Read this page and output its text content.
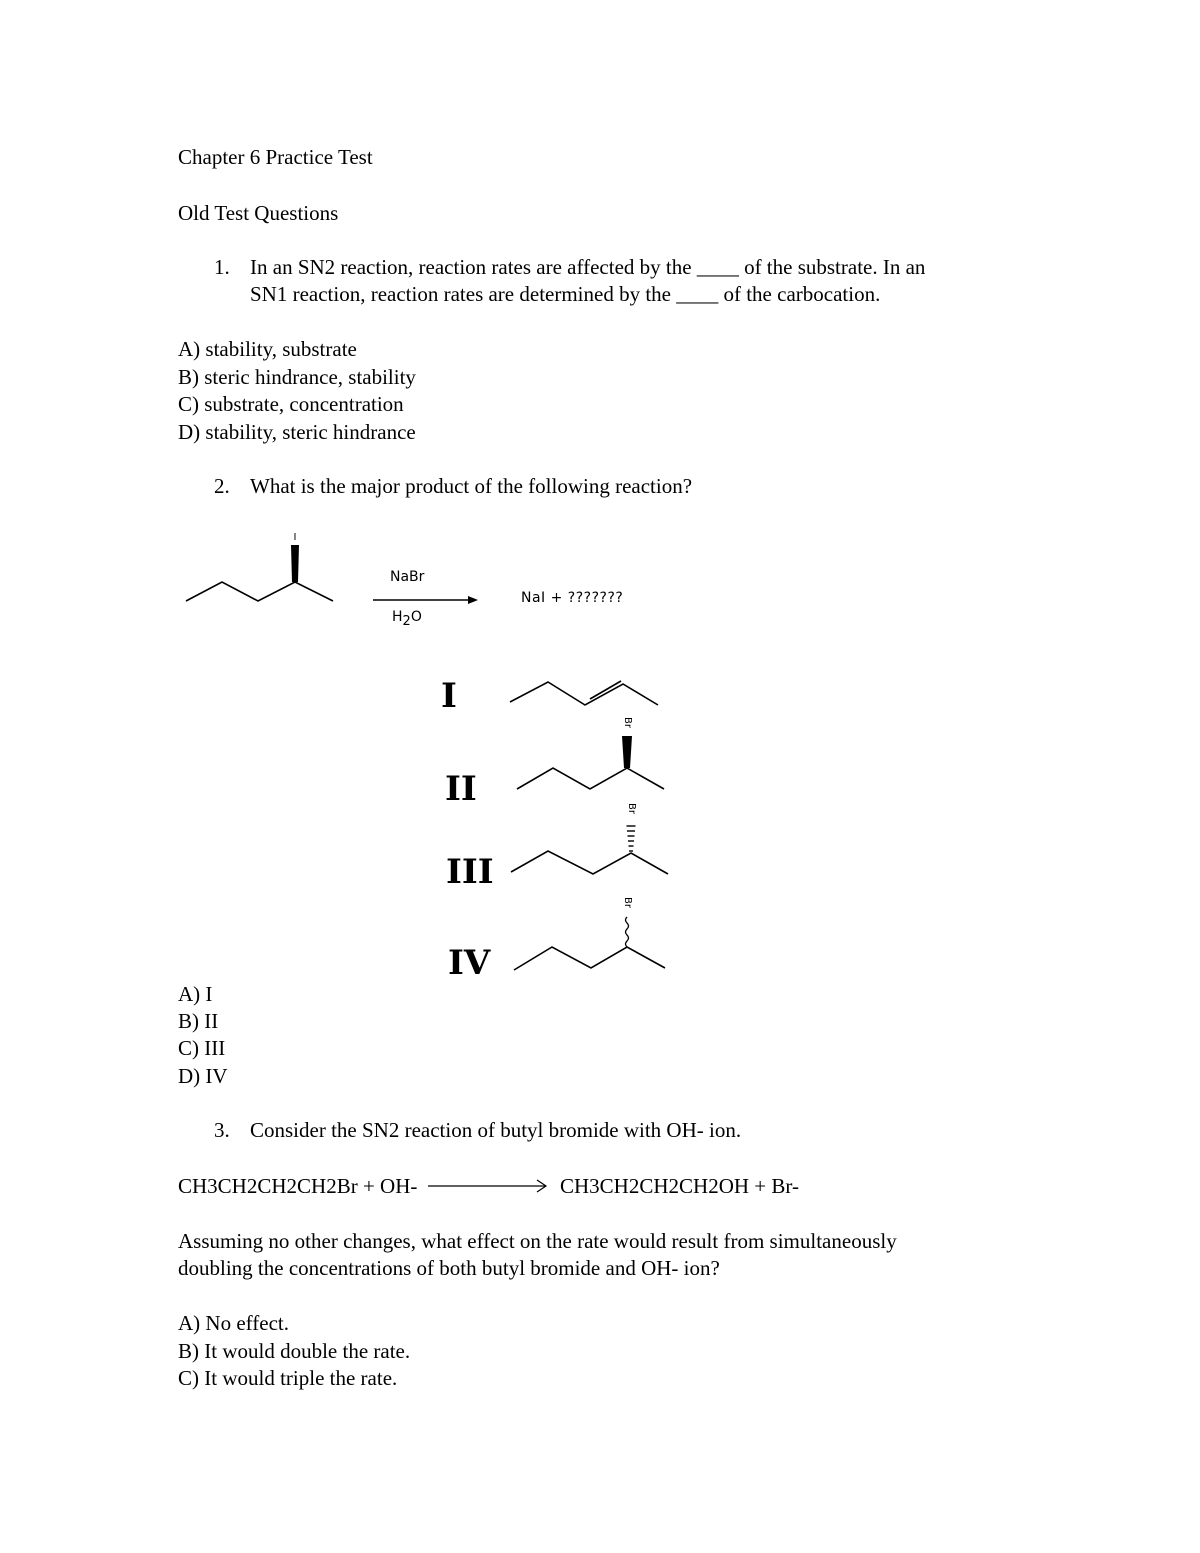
Chapter 6 Practice Test
Old Test Questions
1. In an SN2 reaction, reaction rates are affected by the ____ of the substrate. In an
SN1 reaction, reaction rates are determined by the ____ of the carbocation.
A) stability, substrate
B) steric hindrance, stability
C) substrate, concentration
D) stability, steric hindrance
2. What is the major product of the following reaction?
I
NaBr
$H_2O$
NaI + ???????
Br
Br
Br
I
II
III
IV
A) I
B) II
C) III
D) IV
3. Consider the SN2 reaction of butyl bromide with OH- ion.
CH3CH2CH2CH2Br + OH-	CH3CH2CH2CH2OH + Br-
Assuming no other changes, what effect on the rate would result from simultaneously
doubling the concentrations of both butyl bromide and OH- ion?
A) No effect.
B) It would double the rate.
C) It would triple the rate.
